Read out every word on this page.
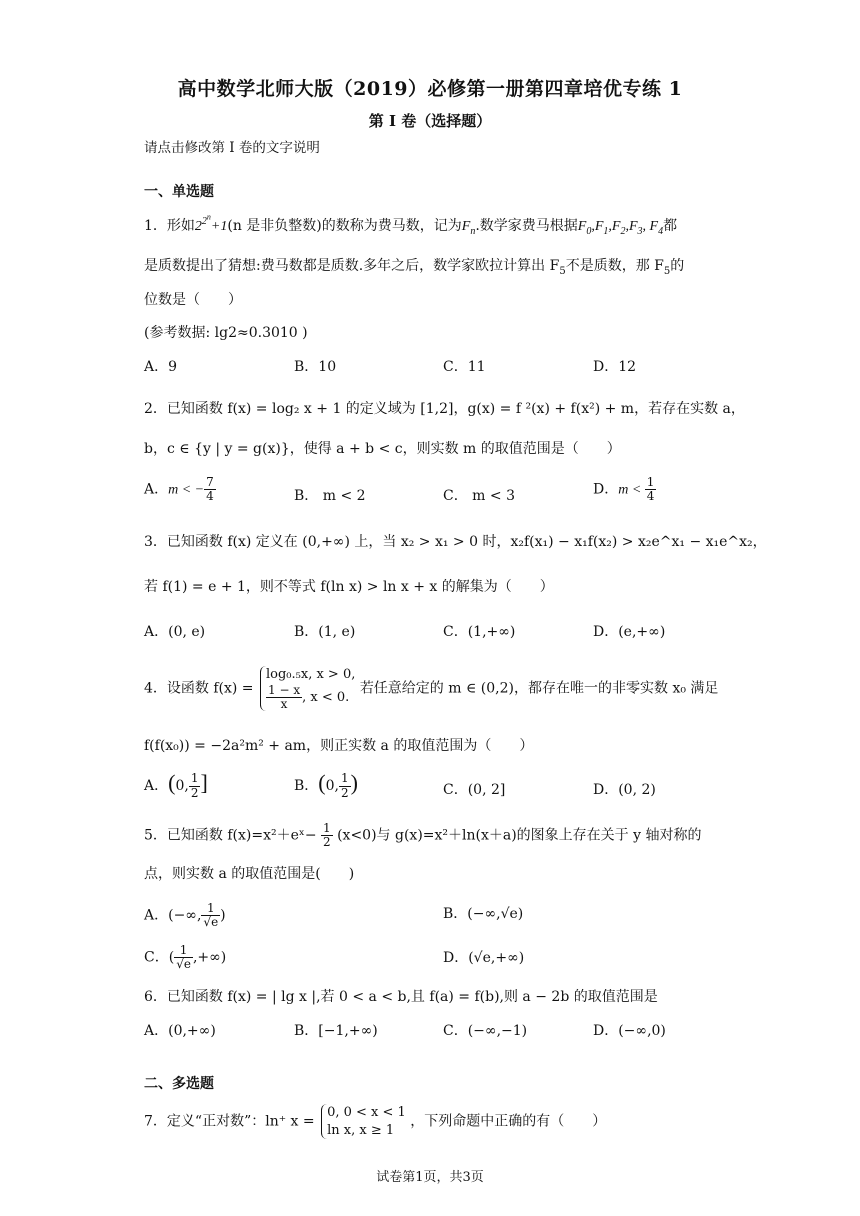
高中数学北师大版（2019）必修第一册第四章培优专练 1
第 I 卷（选择题）
请点击修改第 I 卷的文字说明
一、单选题
1．形如$2^{2^n}+1(n$ 是非负整数)的数称为费马数，记为$F_n$.数学家费马根据$F_0,F_1,F_2,F_3$, $F_4$都
是质数提出了猜想:费马数都是质数.多年之后，数学家欧拉计算出 $F_5$不是质数，那 $F_5$的
位数是（　　）
(参考数据: lg2≈0.3010 )
A．9	B．10	C．11	D．12
2．已知函数 f(x) = log₂ x + 1 的定义域为 [1,2]，g(x) = f ²(x) + f(x²) + m，若存在实数 a，
b，c ∈ {y | y = g(x)}，使得 a + b < c，则实数 m 的取值范围是（　　）
A．m < − $\frac{7}{4}$	B． m < 2	C． m < 3	D．$m < \frac{1}{4}$
3．已知函数 f(x) 定义在 (0,+∞) 上，当 x₂ > x₁ > 0 时，x₂f(x₁) − x₁f(x₂) > x₂e^x₁ − x₁e^x₂，
若 f(1) = e + 1，则不等式 f(ln x) > ln x + x 的解集为（　　）
A．(0, e)	B．(1, e)	C．(1,+∞)	D．(e,+∞)
4．设函数 f(x) = log₀.₅x, x > 0,

$\frac{1 - x}{x}$ , x < 0. 若任意给定的 m ∈ (0,2)，都存在唯一的非零实数 x₀ 满足
f(f(x₀)) = −2a²m² + am，则正实数 a 的取值范围为（　　）
A．(0, $\frac{1}{2}$ ]	B．(0, $\frac{1}{2}$ )	C．(0, 2]	D．(0, 2)
5．已知函数 f(x)=x²＋eˣ− $\frac{1}{2} (x<0)$与 g(x)=x²＋ln(x＋a)的图象上存在关于 y 轴对称的
点，则实数 a 的取值范围是(　　)
A．(−∞, $\frac{1}{√e}$ )	B．(−∞,√e)
C．( $\frac{1}{√e}$ ,+∞)	D．(√e,+∞)
6．已知函数 f(x) = | lg x |,若 0 < a < b,且 f(a) = f(b),则 a − 2b 的取值范围是
A．(0,+∞)	B．[−1,+∞)	C．(−∞,−1)	D．(−∞,0)
二、多选题
7．定义“正对数”：ln⁺ x = 0, 0 < x < 1
ln x, x ≥ 1 ，下列命题中正确的有（　　）
试卷第1页，共3页
